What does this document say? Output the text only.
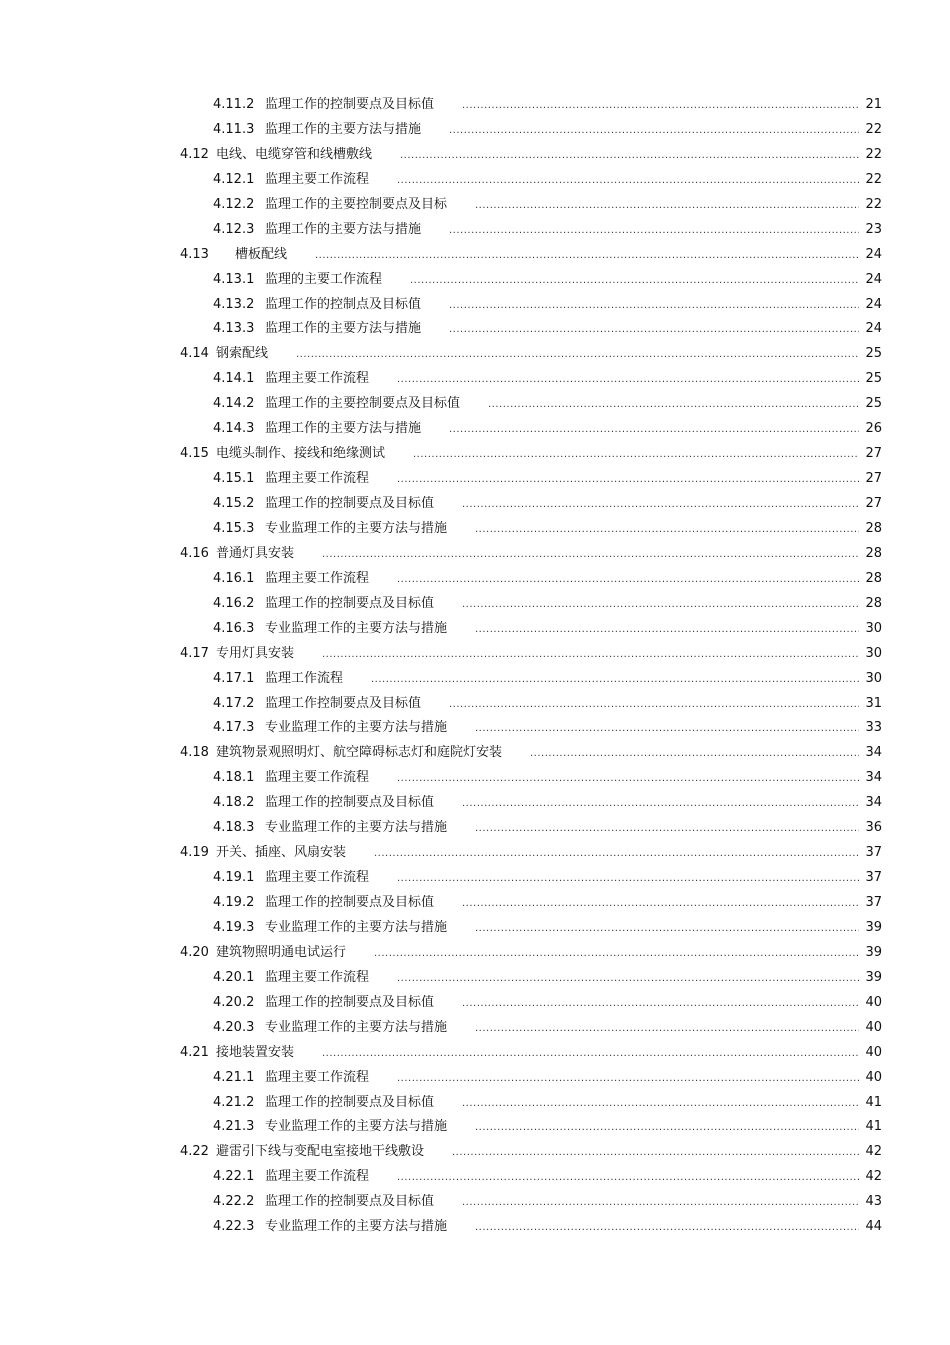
4.11.2 监理工作的控制要点及目标值 .....	21
4.11.3 监理工作的主要方法与措施 .....	22
4.12 电线、电缆穿管和线槽敷线 .....	22
4.12.1 监理主要工作流程 .....	22
4.12.2 监理工作的主要控制要点及目标 .....	22
4.12.3 监理工作的主要方法与措施 .....	23
4.13 槽板配线 .....	24
4.13.1 监理的主要工作流程 .....	24
4.13.2 监理工作的控制点及目标值 .....	24
4.13.3 监理工作的主要方法与措施 .....	24
4.14 钢索配线 .....	25
4.14.1 监理主要工作流程 .....	25
4.14.2 监理工作的主要控制要点及目标值 .....	25
4.14.3 监理工作的主要方法与措施 .....	26
4.15 电缆头制作、接线和绝缘测试 .....	27
4.15.1 监理主要工作流程 .....	27
4.15.2 监理工作的控制要点及目标值 .....	27
4.15.3 专业监理工作的主要方法与措施 .....	28
4.16 普通灯具安装 .....	28
4.16.1 监理主要工作流程 .....	28
4.16.2 监理工作的控制要点及目标值 .....	28
4.16.3 专业监理工作的主要方法与措施 .....	30
4.17 专用灯具安装 .....	30
4.17.1 监理工作流程 .....	30
4.17.2 监理工作控制要点及目标值 .....	31
4.17.3 专业监理工作的主要方法与措施 .....	33
4.18 建筑物景观照明灯、航空障碍标志灯和庭院灯安装 .....	34
4.18.1 监理主要工作流程 .....	34
4.18.2 监理工作的控制要点及目标值 .....	34
4.18.3 专业监理工作的主要方法与措施 .....	36
4.19 开关、插座、风扇安装 .....	37
4.19.1 监理主要工作流程 .....	37
4.19.2 监理工作的控制要点及目标值 .....	37
4.19.3 专业监理工作的主要方法与措施 .....	39
4.20 建筑物照明通电试运行 .....	39
4.20.1 监理主要工作流程 .....	39
4.20.2 监理工作的控制要点及目标值 .....	40
4.20.3 专业监理工作的主要方法与措施 .....	40
4.21 接地装置安装 .....	40
4.21.1 监理主要工作流程 .....	40
4.21.2 监理工作的控制要点及目标值 .....	41
4.21.3 专业监理工作的主要方法与措施 .....	41
4.22 避雷引下线与变配电室接地干线敷设 .....	42
4.22.1 监理主要工作流程 .....	42
4.22.2 监理工作的控制要点及目标值 .....	43
4.22.3 专业监理工作的主要方法与措施 .....	44
